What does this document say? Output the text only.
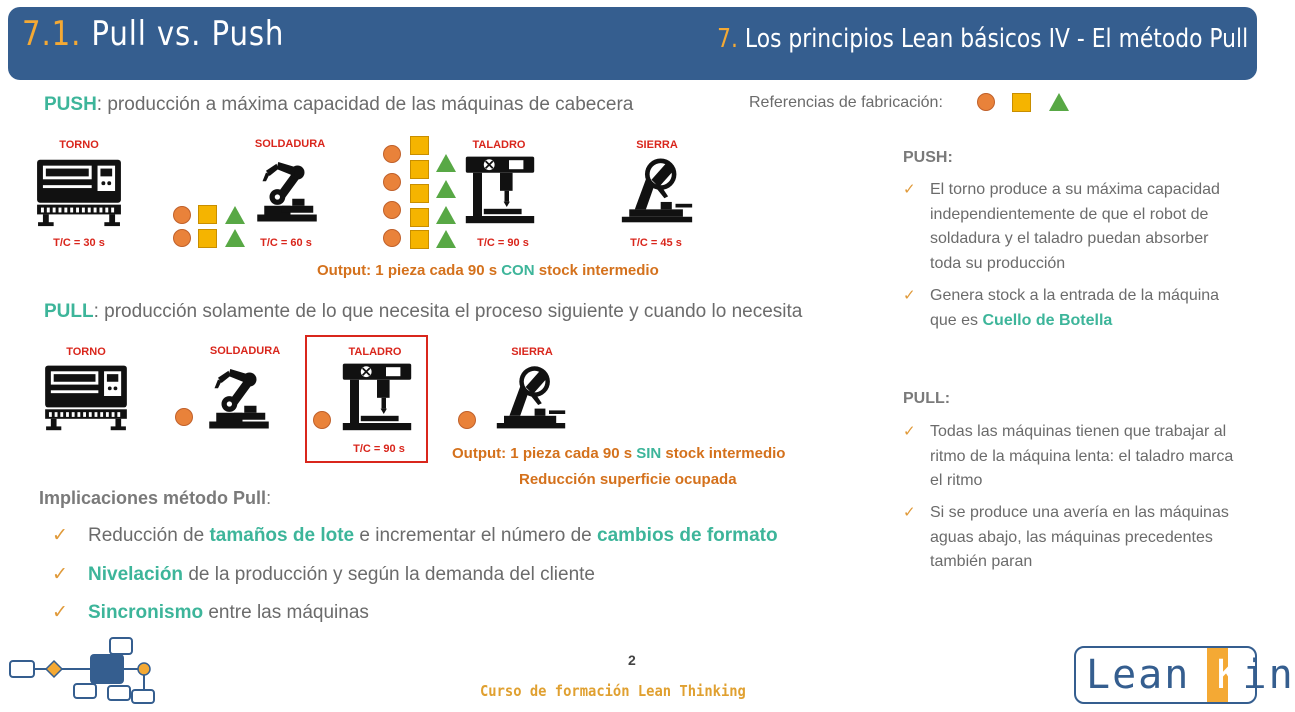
7.1. Pull vs. Push	7. Los principios Lean básicos IV - El método Pull
PUSH: producción a máxima capacidad de las máquinas de cabecera	Referencias de fabricación:
TORNO
T/C = 30 s
SOLDADURA
T/C = 60 s
TALADRO
T/C = 90 s
SIERRA
T/C = 45 s
Output: 1 pieza cada 90 s CON stock intermedio
PULL: producción solamente de lo que necesita el proceso siguiente y cuando lo necesita
TORNO	SOLDADURA	TALADRO
T/C = 90 s
SIERRA
Output: 1 pieza cada 90 s SIN stock intermedio
Reducción superficie ocupada
Implicaciones método Pull:
✓ Reducción de tamaños de lote e incrementar el número de cambios de formato
✓ Nivelación de la producción y según la demanda del cliente
✓ Sincronismo entre las máquinas
PUSH:
✓ El torno produce a su máxima capacidad independientemente de que el robot de soldadura y el taladro puedan absorber toda su producción
✓ Genera stock a la entrada de la máquina que es Cuello de Botella
PULL:
✓ Todas las máquinas tienen que trabajar al ritmo de la máquina lenta: el taladro marca el ritmo
✓ Si se produce una avería en las máquinas aguas abajo, las máquinas precedentes también paran
2
Curso de formación Lean Thinking	Lean Kin
